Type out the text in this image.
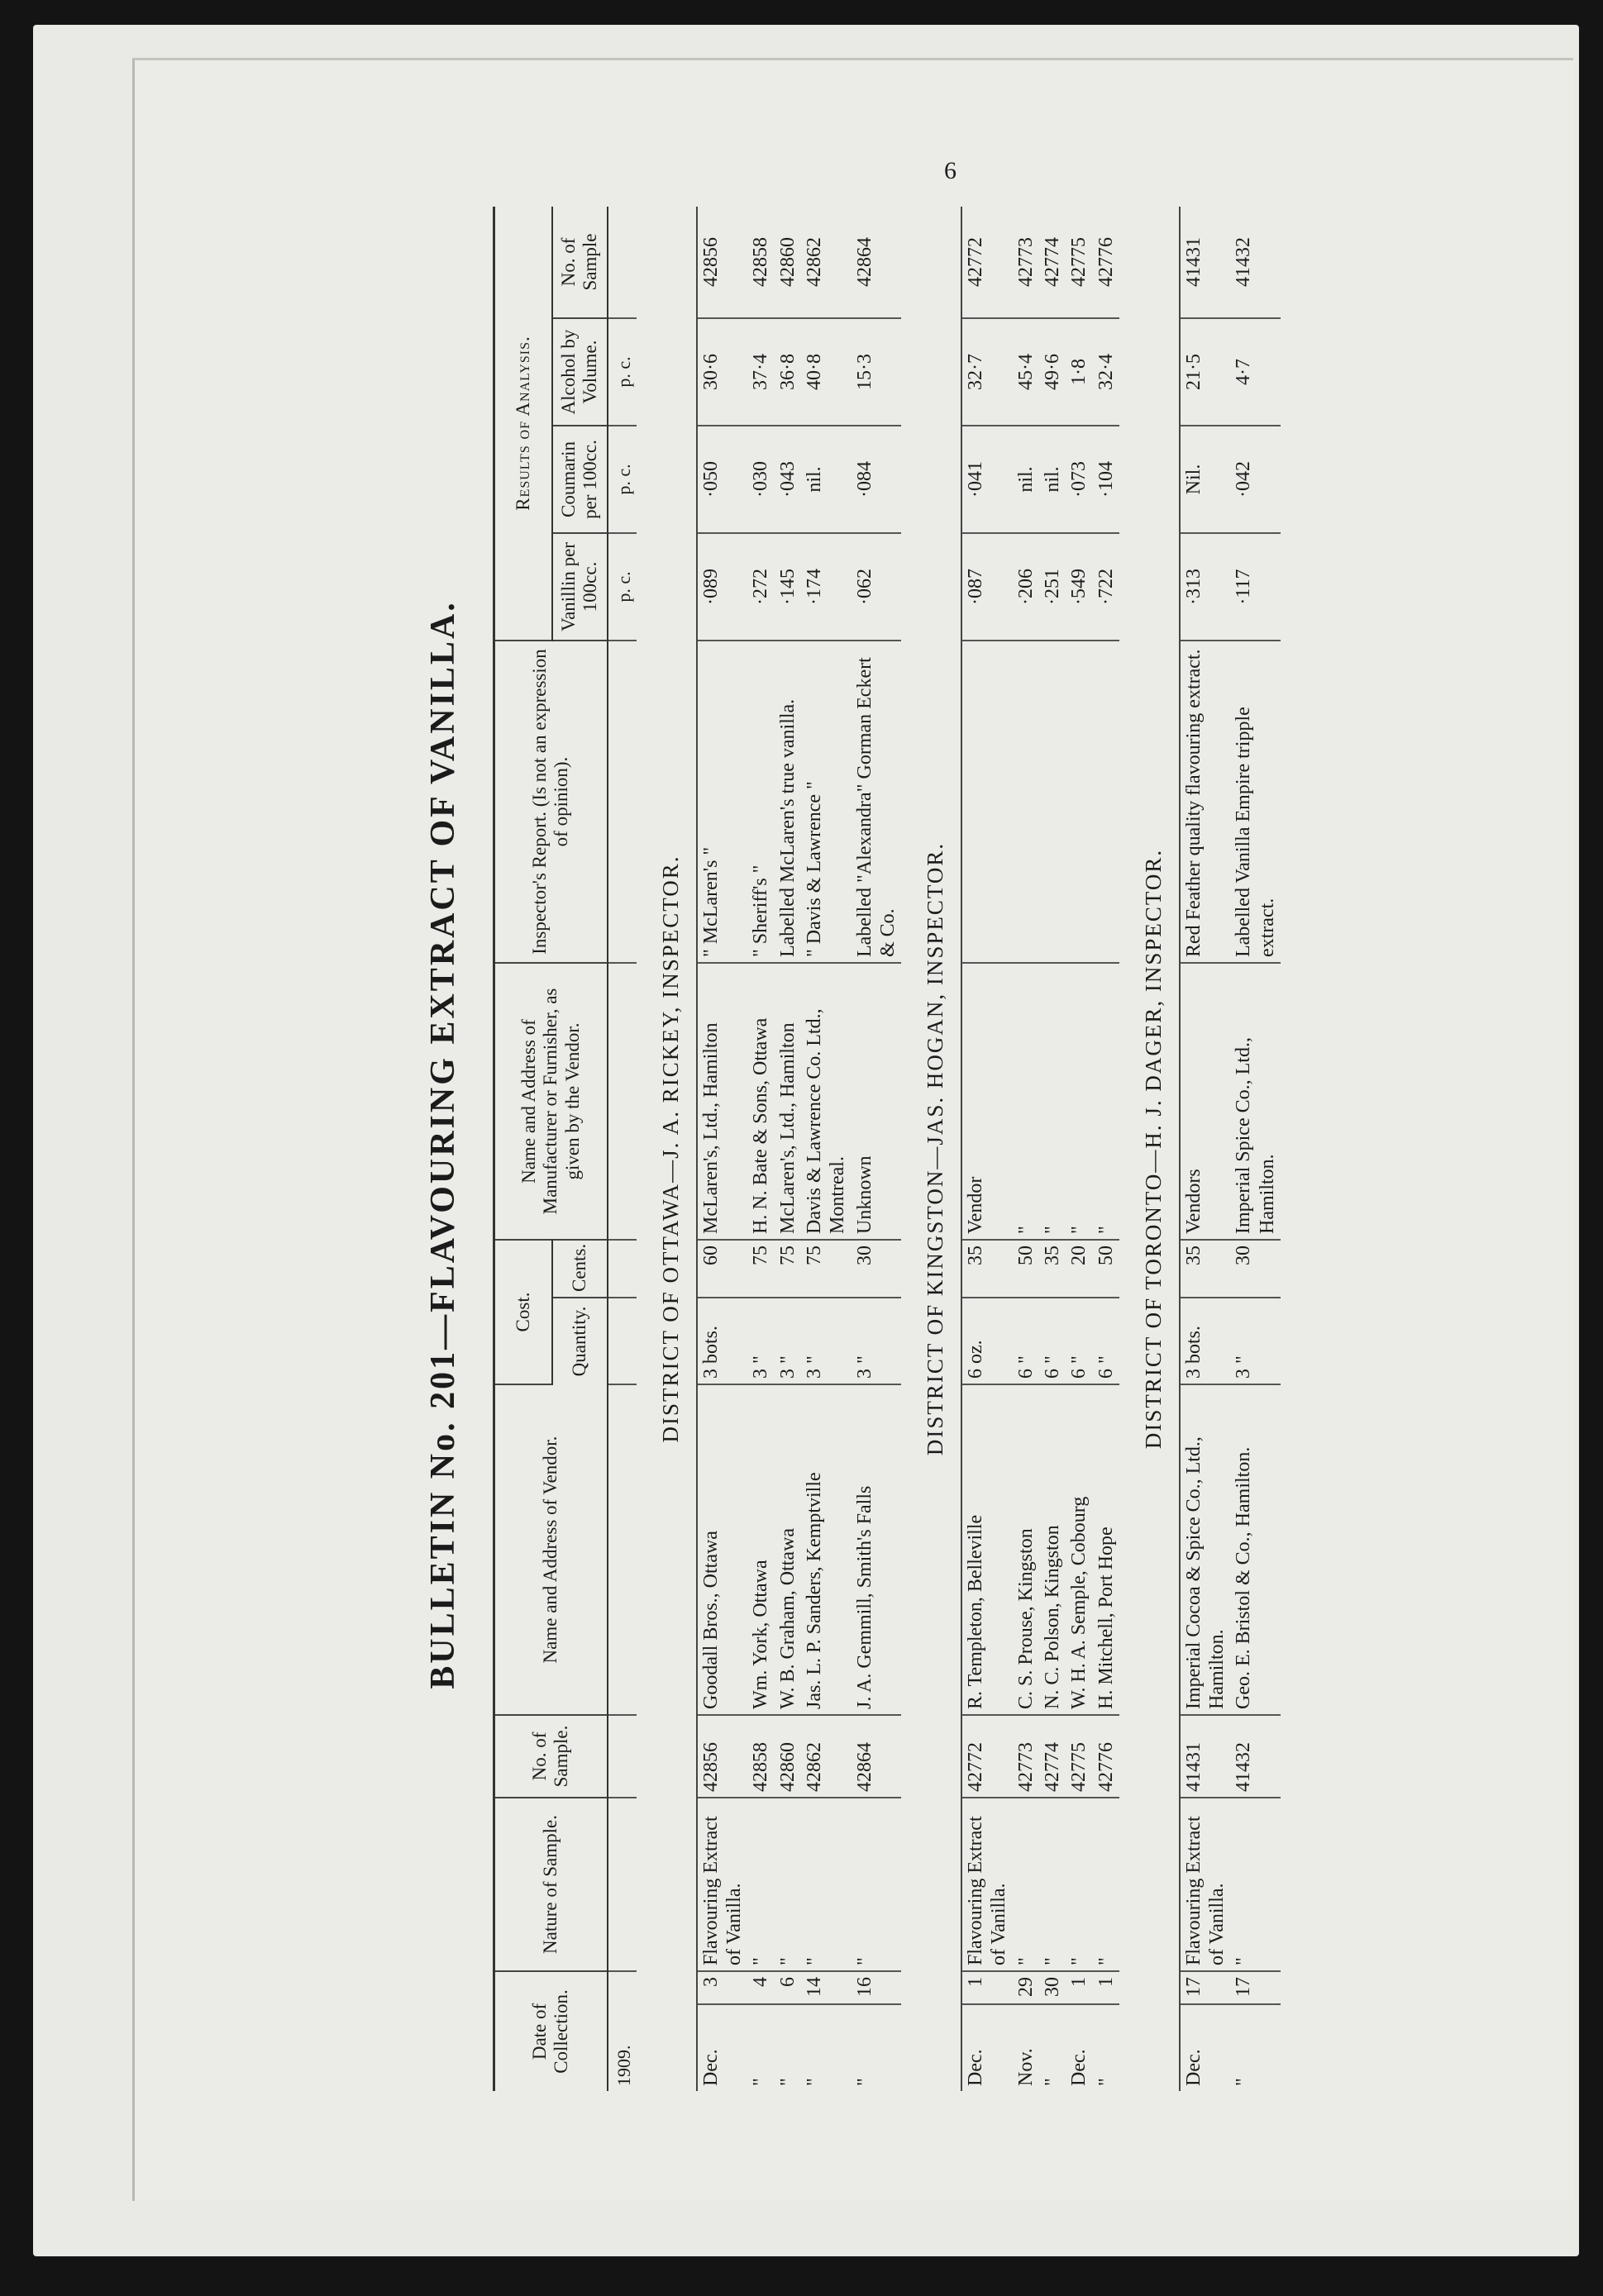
6
BULLETIN No. 201—FLAVOURING EXTRACT OF VANILLA.
Date of Collection.		Nature of Sample.	No. of Sample.	Name and Address of Vendor.	Cost.		Name and Address of Manufacturer or Furnisher, as given by the Vendor.	Inspector's Report. (Is not an expression of opinion).	Results of Analysis.			
					Quantity.	Cents.			Vanillin per 100cc.	Coumarin per 100cc.	Alcohol by Volume.	No. of Sample
1909.									p. c.	p. c.	p. c.	
DISTRICT OF OTTAWA—J. A. RICKEY, INSPECTOR.												
Dec.	3	Flavouring Extract of Vanilla.	42856	Goodall Bros., Ottawa	3 bots.	60	McLaren's, Ltd., Hamilton	" McLaren's "	·089	·050	30·6	42856
"	4	"	42858	Wm. York, Ottawa	3 "	75	H. N. Bate & Sons, Ottawa	" Sheriff's "	·272	·030	37·4	42858
"	6	"	42860	W. B. Graham, Ottawa	3 "	75	McLaren's, Ltd., Hamilton	Labelled McLaren's true vanilla.	·145	·043	36·8	42860
"	14	"	42862	Jas. L. P. Sanders, Kemptville	3 "	75	Davis & Lawrence Co. Ltd., Montreal.	" Davis & Lawrence "	·174	nil.	40·8	42862
"	16	"	42864	J. A. Gemmill, Smith's Falls	3 "	30	Unknown	Labelled "Alexandra" Gorman Eckert & Co.	·062	·084	15·3	42864
DISTRICT OF KINGSTON—JAS. HOGAN, INSPECTOR.												
Dec.	1	Flavouring Extract of Vanilla.	42772	R. Templeton, Belleville	6 oz.	35	Vendor		·087	·041	32·7	42772
Nov.	29	"	42773	C. S. Prouse, Kingston	6 "	50	"		·206	nil.	45·4	42773
"	30	"	42774	N. C. Polson, Kingston	6 "	35	"		·251	nil.	49·6	42774
Dec.	1	"	42775	W. H. A. Semple, Cobourg	6 "	20	"		·549	·073	1·8	42775
"	1	"	42776	H. Mitchell, Port Hope	6 "	50	"		·722	·104	32·4	42776
DISTRICT OF TORONTO—H. J. DAGER, INSPECTOR.												
Dec.	17	Flavouring Extract of Vanilla.	41431	Imperial Cocoa & Spice Co., Ltd., Hamilton.	3 bots.	35	Vendors	Red Feather quality flavouring extract.	·313	Nil.	21·5	41431
"	17	"	41432	Geo. E. Bristol & Co., Hamilton.	3 "	30	Imperial Spice Co., Ltd., Hamilton.	Labelled Vanilla Empire tripple extract.	·117	·042	4·7	41432
